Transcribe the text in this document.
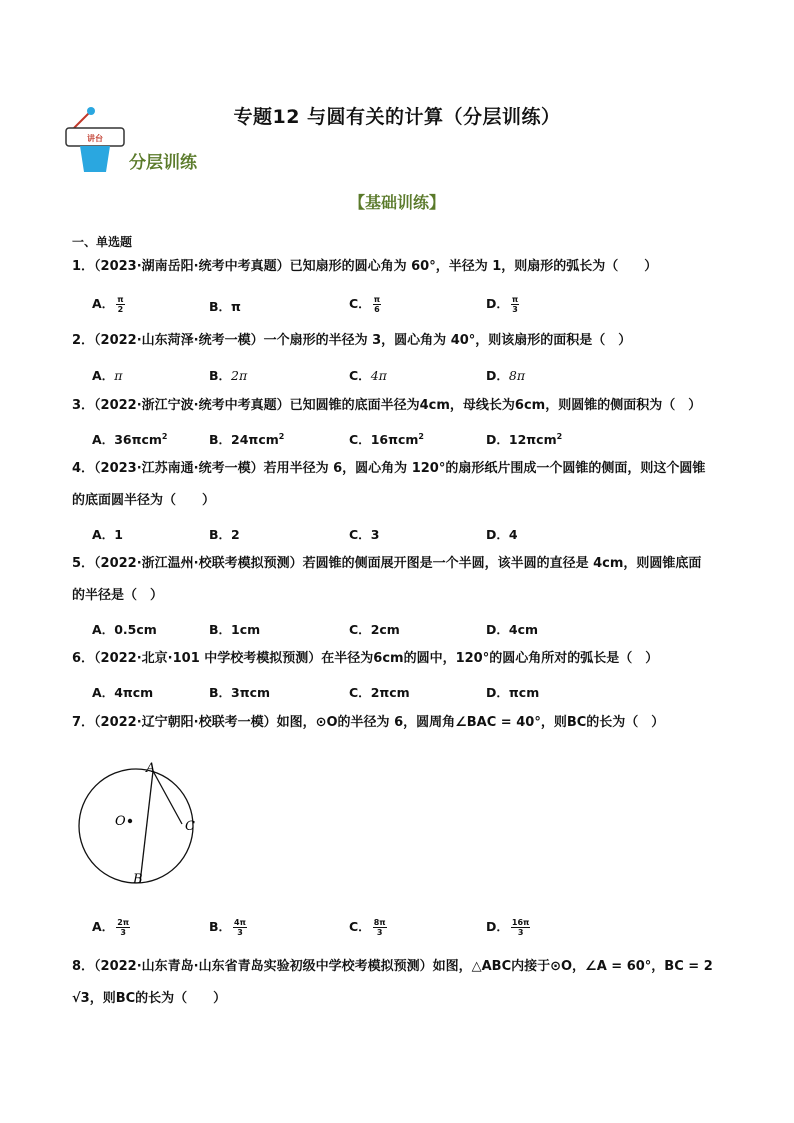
专题12 与圆有关的计算（分层训练）
讲台
分层训练
【基础训练】
一、单选题
1．（2023·湖南岳阳·统考中考真题）已知扇形的圆心角为 60°，半径为 1，则扇形的弧长为（　　）
A． $\frac{\pi}{2}$	B．π	C． $\frac{\pi}{6}$	D． $\frac{\pi}{3}$
2．（2022·山东菏泽·统考一模）一个扇形的半径为 3，圆心角为 40°，则该扇形的面积是（　）
A．π	B．2π	C．4π	D．8π
3．（2022·浙江宁波·统考中考真题）已知圆锥的底面半径为4cm，母线长为6cm，则圆锥的侧面积为（　）
A．36πcm$^2$	B．24πcm$^2$	C．16πcm$^2$	D．12πcm$^2$
4．（2023·江苏南通·统考一模）若用半径为 6，圆心角为 120°的扇形纸片围成一个圆锥的侧面，则这个圆锥
的底面圆半径为（　　）
A．1	B．2	C．3	D．4
5．（2022·浙江温州·校联考模拟预测）若圆锥的侧面展开图是一个半圆，该半圆的直径是 4cm，则圆锥底面
的半径是（　）
A．0.5cm	B．1cm	C．2cm	D．4cm
6．（2022·北京·101 中学校考模拟预测）在半径为6cm的圆中，120°的圆心角所对的弧长是（　）
A．4πcm	B．3πcm	C．2πcm	D．πcm
7．（2022·辽宁朝阳·校联考一模）如图，⊙O的半径为 6，圆周角∠BAC = 40°，则BC的长为（　）
A
O	C
B
A． $\frac{2\pi}{3}$	B． $\frac{4\pi}{3}$	C． $\frac{8\pi}{3}$	D． $\frac{16\pi}{3}$
8．（2022·山东青岛·山东省青岛实验初级中学校考模拟预测）如图，△ABC内接于⊙O，∠A = 60°，BC = 2
√3，则BC的长为（　　）
